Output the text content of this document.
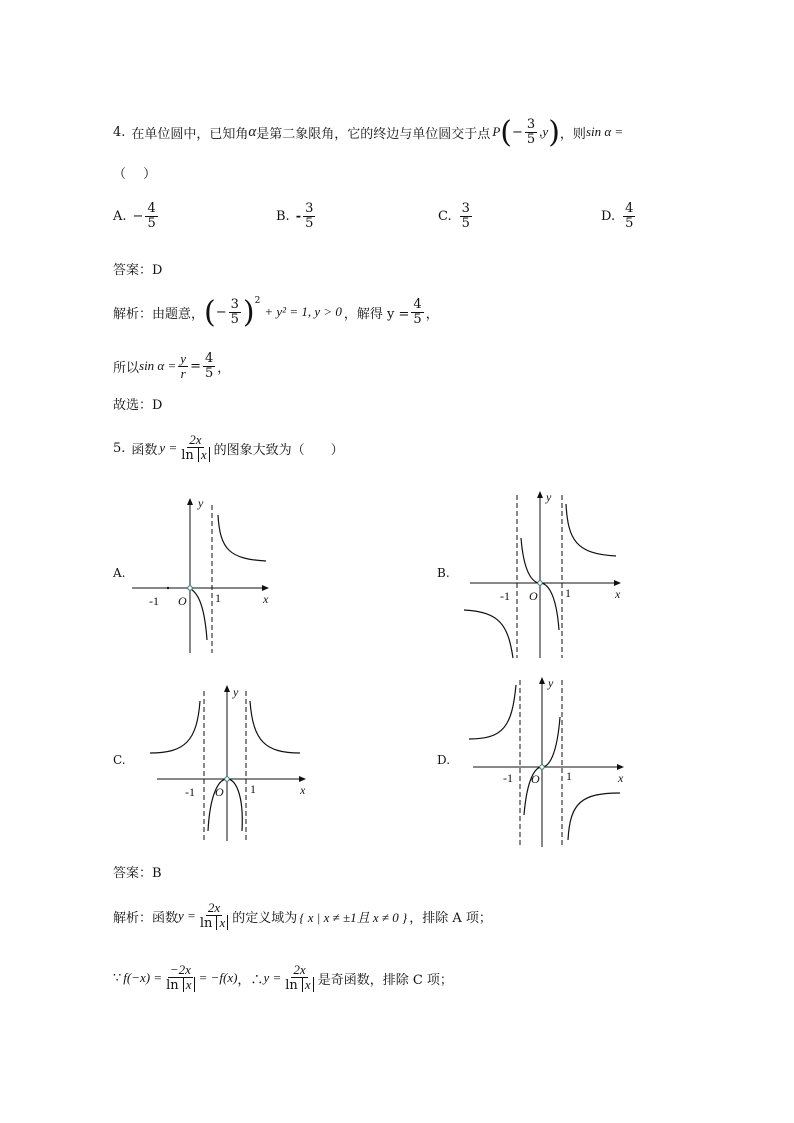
4. 在单位圆中，已知角 α 是第二象限角，它的终边与单位圆交于点 P ( − $\frac{3}{5} ,y$ ) ，则 sin α =
（　 ）
A. − $\frac{4}{5}$	B. - $\frac{3}{5}$	C. $\frac{3}{5}$	D. $\frac{4}{5}$
答案：D
解析：由题意， ( − $\frac{3}{5}$ ) 2
+ y² = 1, y > 0 ，解得 $y = \frac{4}{5}$ ，
所以 $\sin \alpha = \frac{y}{r} = \frac{4}{5}$ ，
故选：D
5. 函数 $y = \frac{2x}{\text{ln x}}$ 的图象大致为（　　）
A.	B.
C.	D.
y
x
O
-1	1
y
x
O
-1	1
y
x
O
-1	1
y
x
O
-1	1
答案：B
解析：函数 $y = \frac{2x}{\text{ln x}}$ 的定义域为 { x | x ≠ ±1且 x ≠ 0 } ，排除 A 项；
∵ $f(-x) = \frac{-2x}{\text{ln x}} = -f(x)$ ，∴ $y = \frac{2x}{\text{ln x}}$ 是奇函数，排除 C 项；
